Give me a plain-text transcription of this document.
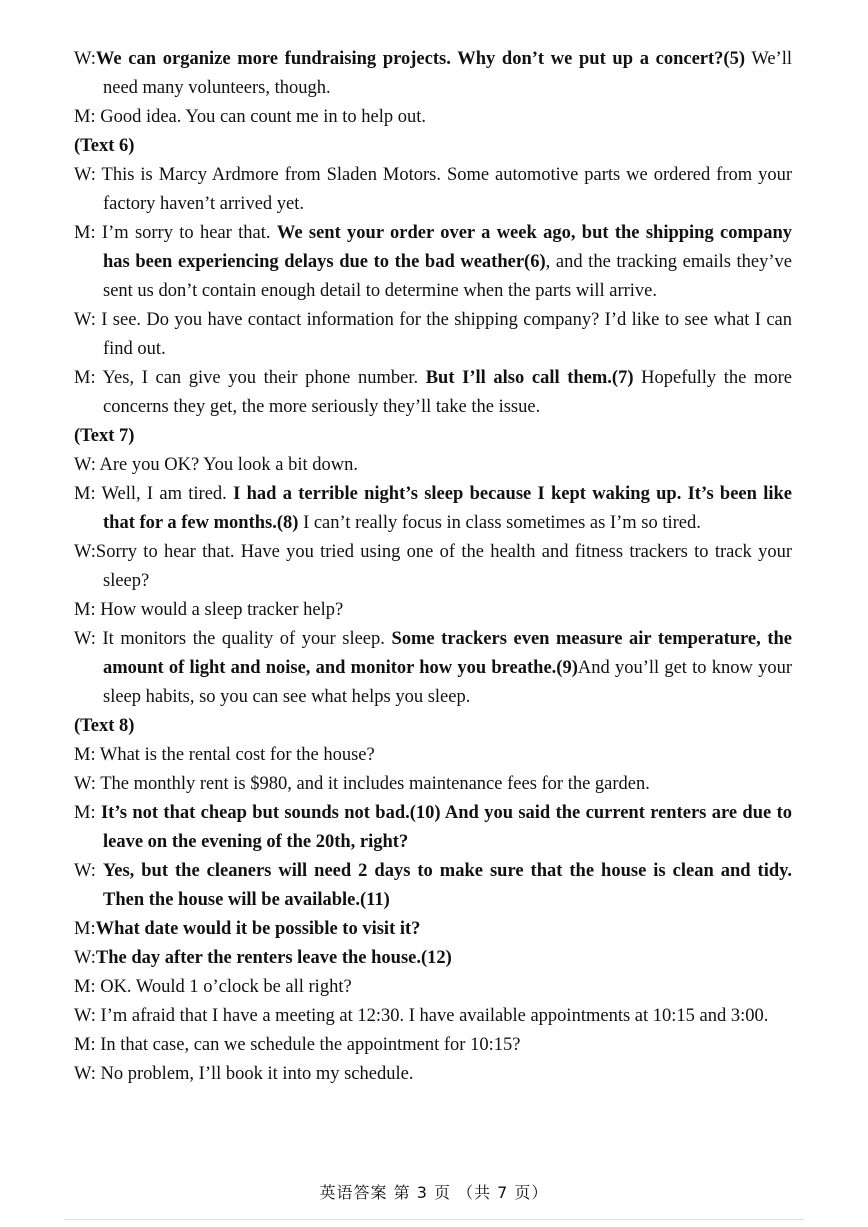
W:We can organize more fundraising projects. Why don’t we put up a concert?(5) We’ll need many volunteers, though.
M: Good idea. You can count me in to help out.
(Text 6)
W: This is Marcy Ardmore from Sladen Motors. Some automotive parts we ordered from your factory haven’t arrived yet.
M: I’m sorry to hear that. We sent your order over a week ago, but the shipping company has been experiencing delays due to the bad weather(6), and the tracking emails they’ve sent us don’t contain enough detail to determine when the parts will arrive.
W: I see. Do you have contact information for the shipping company? I’d like to see what I can find out.
M: Yes, I can give you their phone number. But I’ll also call them.(7) Hopefully the more concerns they get, the more seriously they’ll take the issue.
(Text 7)
W: Are you OK? You look a bit down.
M: Well, I am tired. I had a terrible night’s sleep because I kept waking up. It’s been like that for a few months.(8) I can’t really focus in class sometimes as I’m so tired.
W:Sorry to hear that. Have you tried using one of the health and fitness trackers to track your sleep?
M: How would a sleep tracker help?
W: It monitors the quality of your sleep. Some trackers even measure air temperature, the amount of light and noise, and monitor how you breathe.(9)And you’ll get to know your sleep habits, so you can see what helps you sleep.
(Text 8)
M: What is the rental cost for the house?
W: The monthly rent is $980, and it includes maintenance fees for the garden.
M: It’s not that cheap but sounds not bad.(10) And you said the current renters are due to leave on the evening of the 20th, right?
W: Yes, but the cleaners will need 2 days to make sure that the house is clean and tidy. Then the house will be available.(11)
M:What date would it be possible to visit it?
W:The day after the renters leave the house.(12)
M: OK. Would 1 o’clock be all right?
W: I’m afraid that I have a meeting at 12:30. I have available appointments at 10:15 and 3:00.
M: In that case, can we schedule the appointment for 10:15?
W: No problem, I’ll book it into my schedule.
英语答案 第 3 页 （共 7 页）
